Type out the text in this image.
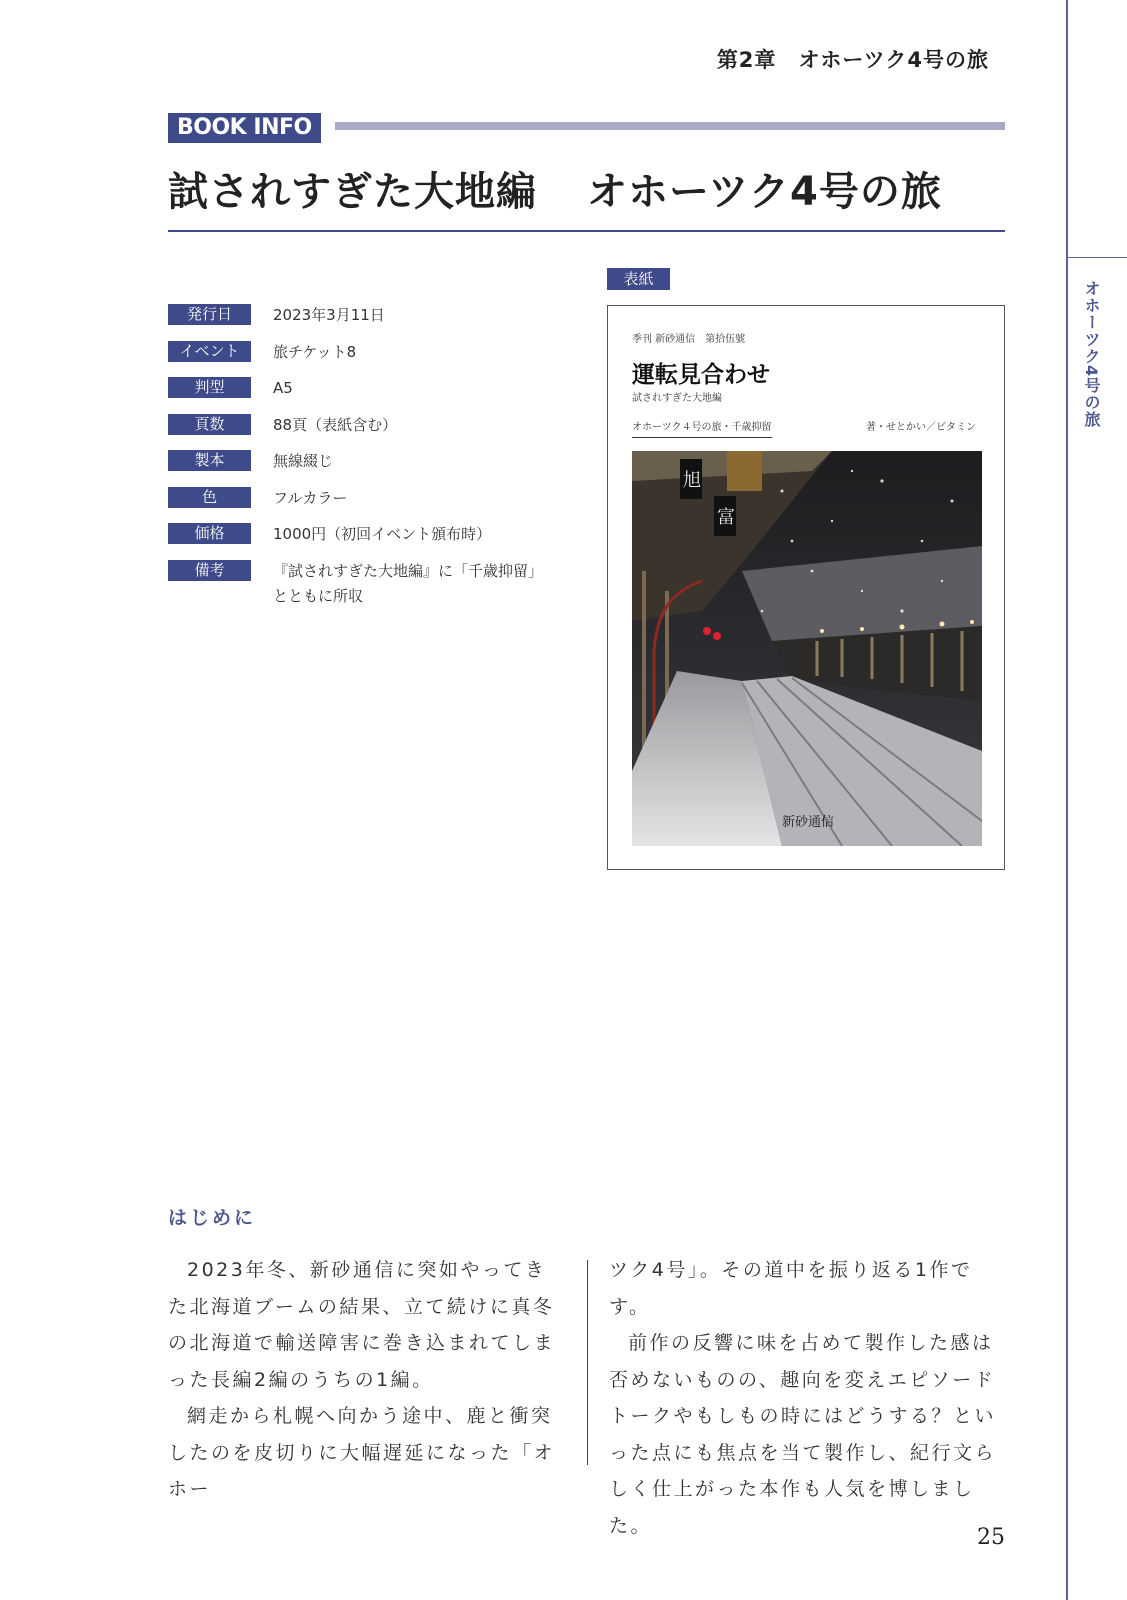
オホーツク4号の旅
第2章 オホーツク4号の旅
BOOK INFO
試されすぎた大地編 オホーツク4号の旅
発行日	2023年3月11日
イベント	旅チケット8
判型	A5
頁数	88頁（表紙含む）
製本	無線綴じ
色	フルカラー
価格	1000円（初回イベント頒布時）
備考	『試されすぎた大地編』に「千歳抑留」
とともに所収
表紙
季刊 新砂通信　第拾伍號
運転見合わせ
試されすぎた大地編
オホーツク４号の旅・千歳抑留	著・せとかい／ビタミン
旭
富
新砂通信
はじめに

2023年冬、新砂通信に突如やってきた北海道ブームの結果、立て続けに真冬の北海道で輸送障害に巻き込まれてしまった長編2編のうちの1編。

網走から札幌へ向かう途中、鹿と衝突したのを皮切りに大幅遅延になった「オホー

ツク4号」。その道中を振り返る1作です。

前作の反響に味を占めて製作した感は否めないものの、趣向を変えエピソードトークやもしもの時にはどうする？といった点にも焦点を当て製作し、紀行文らしく仕上がった本作も人気を博しました。	25
